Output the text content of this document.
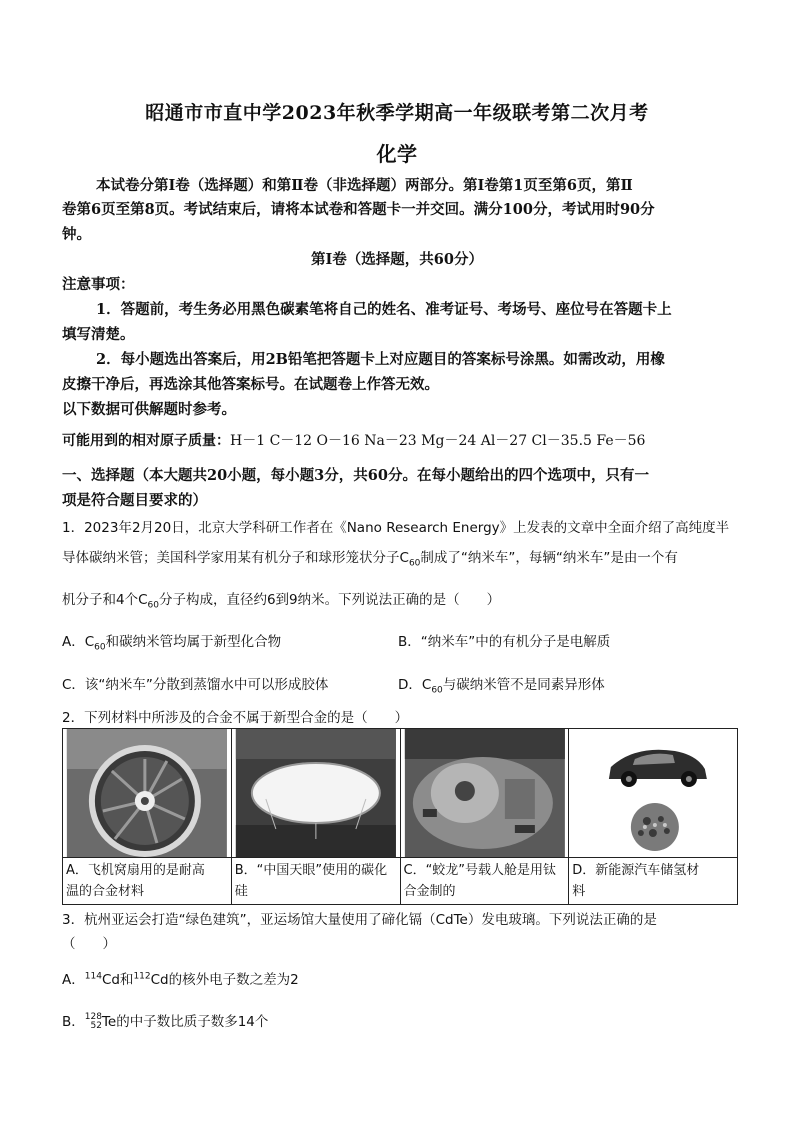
昭通市市直中学2023年秋季学期高一年级联考第二次月考
化学
本试卷分第Ⅰ卷（选择题）和第Ⅱ卷（非选择题）两部分。第Ⅰ卷第1页至第6页，第Ⅱ
卷第6页至第8页。考试结束后，请将本试卷和答题卡一并交回。满分100分，考试用时90分
钟。
第Ⅰ卷（选择题，共60分）
注意事项：
1．答题前，考生务必用黑色碳素笔将自己的姓名、准考证号、考场号、座位号在答题卡上
填写清楚。
2．每小题选出答案后，用2B铅笔把答题卡上对应题目的答案标号涂黑。如需改动，用橡
皮擦干净后，再选涂其他答案标号。在试题卷上作答无效。
以下数据可供解题时参考。
可能用到的相对原子质量：H－1 C－12 O－16 Na－23 Mg－24 Al－27 Cl－35.5 Fe－56
一、选择题（本大题共20小题，每小题3分，共60分。在每小题给出的四个选项中，只有一
项是符合题目要求的）
1．2023年2月20日，北京大学科研工作者在《Nano Research Energy》上发表的文章中全面介绍了高纯度半
导体碳纳米管；美国科学家用某有机分子和球形笼状分子$C_{60}$制成了“纳米车”，每辆“纳米车”是由一个有
机分子和4个$C_{60}$分子构成，直径约6到9纳米。下列说法正确的是（　　）
A．$C_{60}$和碳纳米管均属于新型化合物	B．“纳米车”中的有机分子是电解质
C．该“纳米车”分散到蒸馏水中可以形成胶体	D．$C_{60}$与碳纳米管不是同素异形体
2．下列材料中所涉及的合金不属于新型合金的是（　　）

A．飞机窝扇用的是耐高
温的合金材料	B．“中国天眼”使用的碳化
硅	C．“蛟龙”号载人舱是用钛
合金制的	D．新能源汽车储氢材
料
3．杭州亚运会打造“绿色建筑”，亚运场馆大量使用了碲化镉（CdTe）发电玻璃。下列说法正确的是
（　　）
A．$^{114}$Cd和$^{112}$Cd的核外电子数之差为2
B．128
52Te的中子数比质子数多14个
